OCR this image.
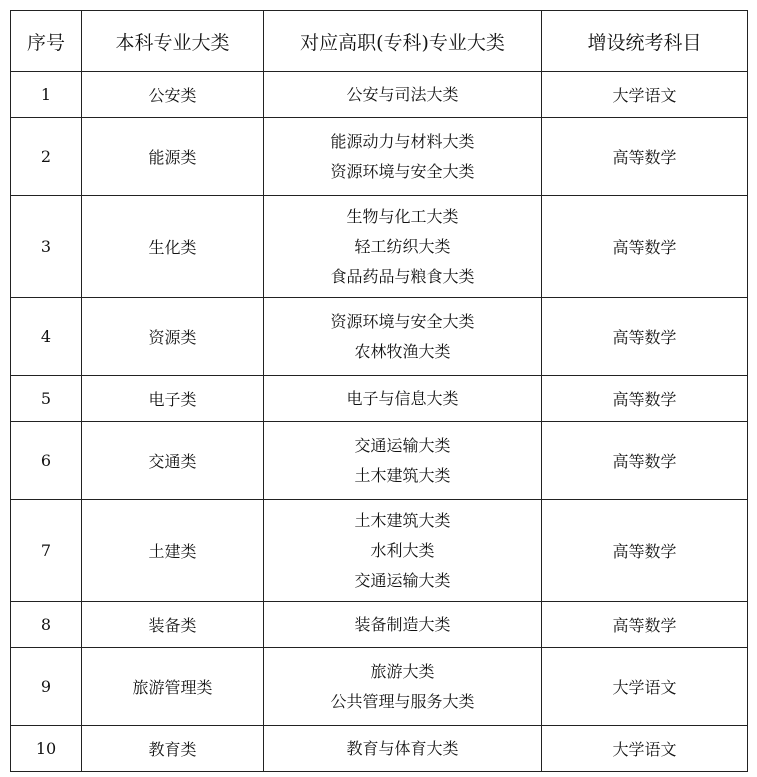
序号	本科专业大类	对应高职(专科)专业大类	增设统考科目
1	公安类	公安与司法大类	大学语文
2	能源类	能源动力与材料大类
资源环境与安全大类	高等数学
3	生化类	生物与化工大类
轻工纺织大类
食品药品与粮食大类	高等数学
4	资源类	资源环境与安全大类
农林牧渔大类	高等数学
5	电子类	电子与信息大类	高等数学
6	交通类	交通运输大类
土木建筑大类	高等数学
7	土建类	土木建筑大类
水利大类
交通运输大类	高等数学
8	装备类	装备制造大类	高等数学
9	旅游管理类	旅游大类
公共管理与服务大类	大学语文
10	教育类	教育与体育大类	大学语文
